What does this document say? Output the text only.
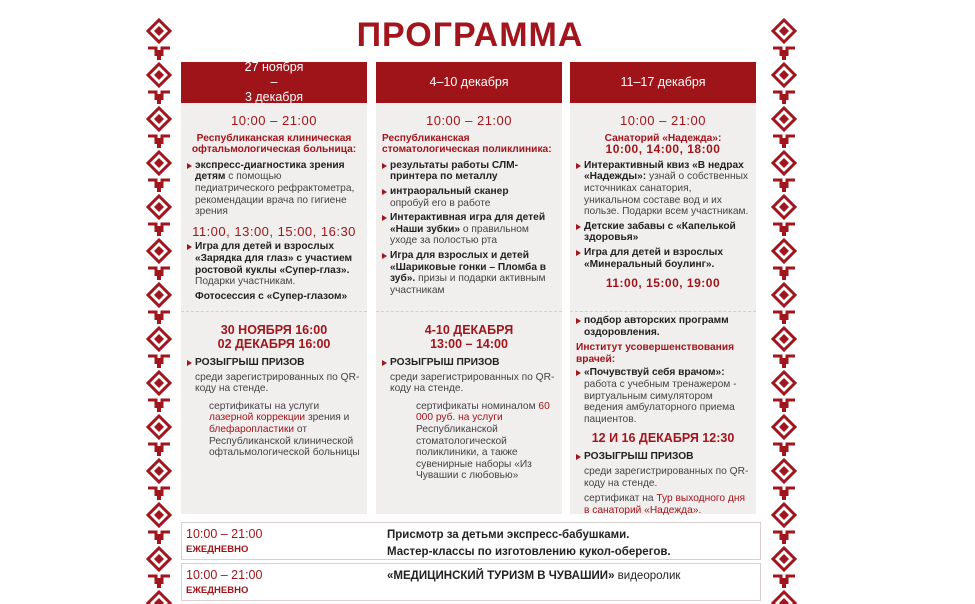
ПРОГРАММА
27 ноября
–
3 декабря
10:00 – 21:00
Республиканская клиническая офтальмологическая больница:
экспресс-диагностика зрения детям с помощью педиатрического рефрактометра, рекомендации врача по гигиене зрения
11:00, 13:00, 15:00, 16:30
Игра для детей и взрослых «Зарядка для глаз» с участием ростовой куклы «Супер-глаз». Подарки участникам.
Фотосессия с «Супер-глазом»
30 НОЯБРЯ 16:00
02 ДЕКАБРЯ 16:00
РОЗЫГРЫШ ПРИЗОВ
среди зарегистрированных по QR-коду на стенде.
сертификаты на услуги лазерной коррекции зрения и блефаропластики от Республиканской клинической офтальмологической больницы
4–10 декабря
10:00 – 21:00
Республиканская стоматологическая поликлиника:
результаты работы СЛМ-принтера по металлу
интраоральный сканер
опробуй его в работе
Интерактивная игра для детей «Наши зубки» о правильном уходе за полостью рта
Игра для взрослых и детей «Шариковые гонки – Пломба в зуб». призы и подарки активным участникам
4-10 ДЕКАБРЯ
13:00 – 14:00
РОЗЫГРЫШ ПРИЗОВ
среди зарегистрированных по QR-коду на стенде.
сертификаты номиналом 60 000 руб. на услуги Республиканской стоматологической поликлиники, а также сувенирные наборы «Из Чувашии с любовью»
11–17 декабря
10:00 – 21:00
Санаторий «Надежда»:
10:00, 14:00, 18:00
Интерактивный квиз «В недрах «Надежды»: узнай о собственных источниках санатория, уникальном составе вод и их пользе. Подарки всем участникам.
Детские забавы с «Капелькой здоровья»
Игра для детей и взрослых «Минеральный боулинг».
11:00, 15:00, 19:00
подбор авторских программ оздоровления.
Институт усовершенствования врачей:
«Почувствуй себя врачом»: работа с учебным тренажером - виртуальным симулятором ведения амбулаторного приема пациентов.
12 И 16 ДЕКАБРЯ 12:30
РОЗЫГРЫШ ПРИЗОВ
среди зарегистрированных по QR-коду на стенде.
сертификат на Тур выходного дня в санаторий «Надежда».
10:00 – 21:00
ЕЖЕДНЕВНО
Присмотр за детьми экспресс-бабушками.
Мастер-классы по изготовлению кукол-оберегов.
10:00 – 21:00
ЕЖЕДНЕВНО
«МЕДИЦИНСКИЙ ТУРИЗМ В ЧУВАШИИ» видеоролик
